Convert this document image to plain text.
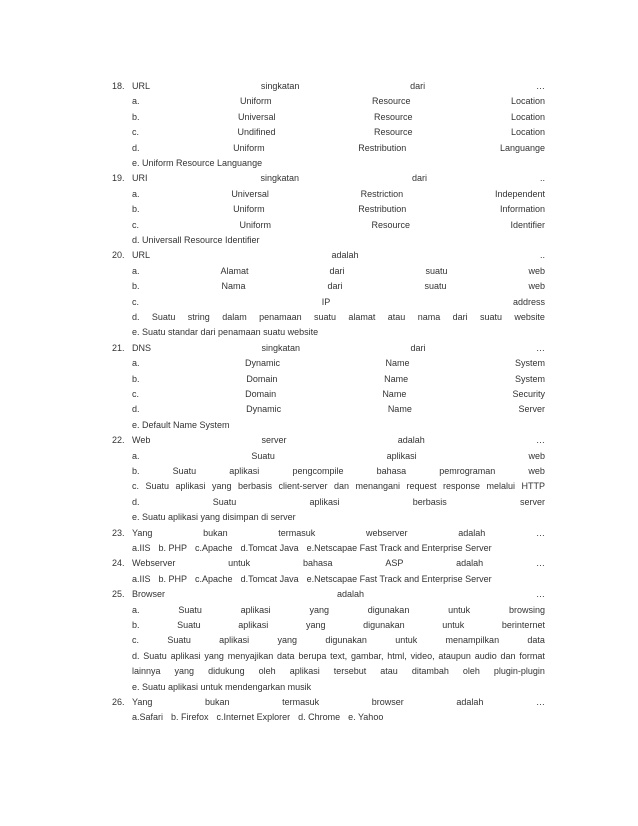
18. URL	singkatan	dari	…
a.	Uniform	Resource	Location
b.	Universal	Resource	Location
c.	Undifined	Resource	Location
d.	Uniform	Restribution	Languange
e. Uniform Resource Languange
19. URI	singkatan	dari	..
a.	Universal	Restriction	Independent
b.	Uniform	Restribution	Information
c.	Uniform	Resource	Identifier
d. Universall Resource Identifier
20. URL	adalah	..
a.	Alamat	dari	suatu	web
b.	Nama	dari	suatu	web
c.	IP	address
d. Suatu string dalam penamaan suatu alamat atau nama dari suatu website
e. Suatu standar dari penamaan suatu website
21. DNS	singkatan	dari	…
a.	Dynamic	Name	System
b.	Domain	Name	System
c.	Domain	Name	Security
d.	Dynamic	Name	Server
e. Default Name System
22. Web	server	adalah	…
a.	Suatu	aplikasi	web
b.	Suatu	aplikasi	pengcompile	bahasa	pemrograman	web
c. Suatu aplikasi yang berbasis client-server dan menangani request response melalui HTTP
d.	Suatu	aplikasi	berbasis	server
e. Suatu aplikasi yang disimpan di server
23. Yang	bukan	termasuk	webserver	adalah	…
a.IIS b. PHP c.Apache d.Tomcat Java e.Netscapae Fast Track and Enterprise Server
24. Webserver	untuk	bahasa	ASP	adalah	…
a.IIS b. PHP c.Apache d.Tomcat Java e.Netscapae Fast Track and Enterprise Server
25. Browser	adalah	…
a.	Suatu	aplikasi	yang	digunakan	untuk	browsing
b.	Suatu	aplikasi	yang	digunakan	untuk	berinternet
c.	Suatu	aplikasi	yang	digunakan	untuk	menampilkan	data
d. Suatu aplikasi yang menyajikan data berupa text, gambar, html, video, ataupun audio dan format
lainnya yang didukung oleh aplikasi tersebut atau ditambah oleh plugin-plugin
e. Suatu aplikasi untuk mendengarkan musik
26. Yang	bukan	termasuk	browser	adalah	…
a.Safari b. Firefox c.Internet Explorer d. Chrome e. Yahoo
